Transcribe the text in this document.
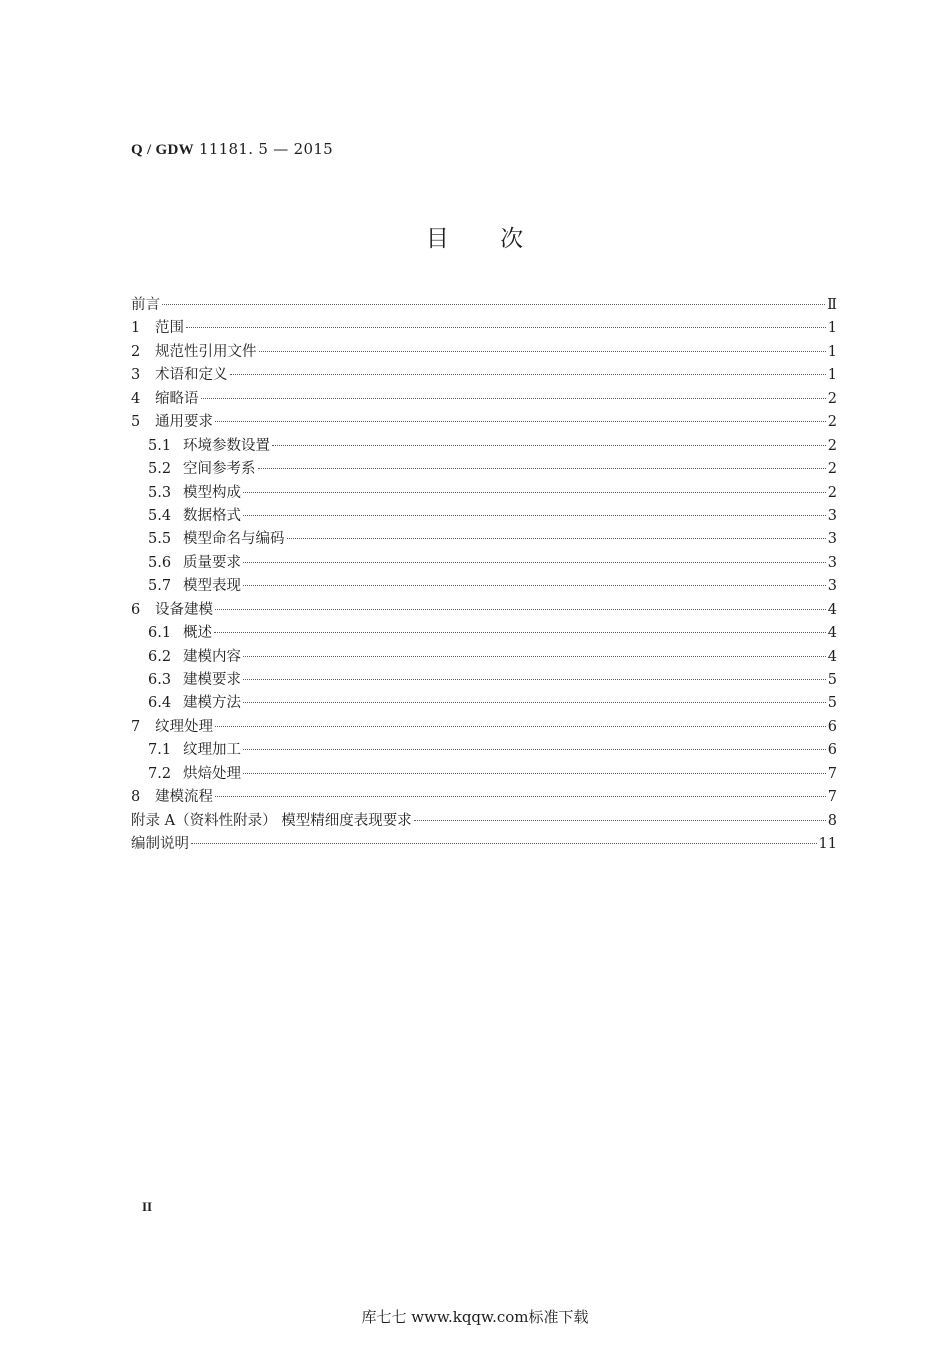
Q / GDW 11181. 5 — 2015
目 次
前言	Ⅱ
1	范围	1
2	规范性引用文件	1
3	术语和定义	1
4	缩略语	2
5	通用要求	2
5.1 环境参数设置	2
5.2 空间参考系	2
5.3 模型构成	2
5.4 数据格式	3
5.5 模型命名与编码	3
5.6 质量要求	3
5.7 模型表现	3
6	设备建模	4
6.1 概述	4
6.2 建模内容	4
6.3 建模要求	5
6.4 建模方法	5
7	纹理处理	6
7.1 纹理加工	6
7.2 烘焙处理	7
8	建模流程	7
附录 A（资料性附录） 模型精细度表现要求	8
编制说明	11
II
库七七 www.kqqw.com标准下载
